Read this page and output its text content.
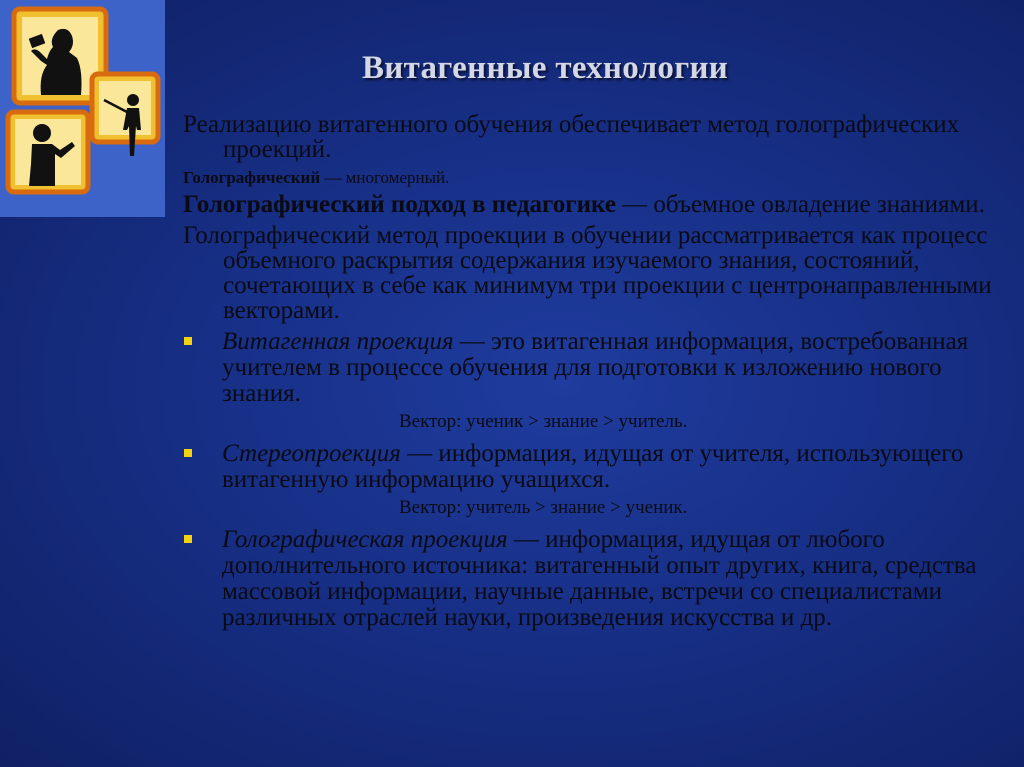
Витагенные технологии

Реализацию витагенного обучения обеспечивает метод голографических проекций.

Голографический — многомерный.

Голографический подход в педагогике — объемное овладение знаниями.

Голографический метод проекции в обучении рассматривается как процесс объемного раскрытия содержания изучаемого знания, состояний, сочетающих в себе как минимум три проекции с центронаправленными векторами.

Витагенная проекция — это витагенная информация, востребованная учителем в процессе обучения для подготовки к изложению нового знания.

Вектор: ученик > знание > учитель.

Стереопроекция — информация, идущая от учителя, использующего витагенную информацию учащихся.

Вектор: учитель > знание > ученик.

Голографическая проекция — информация, идущая от любого дополнительного источника: витагенный опыт других, книга, средства массовой информации, научные данные, встречи со специалистами различных отраслей науки, произведения искусства и др.
